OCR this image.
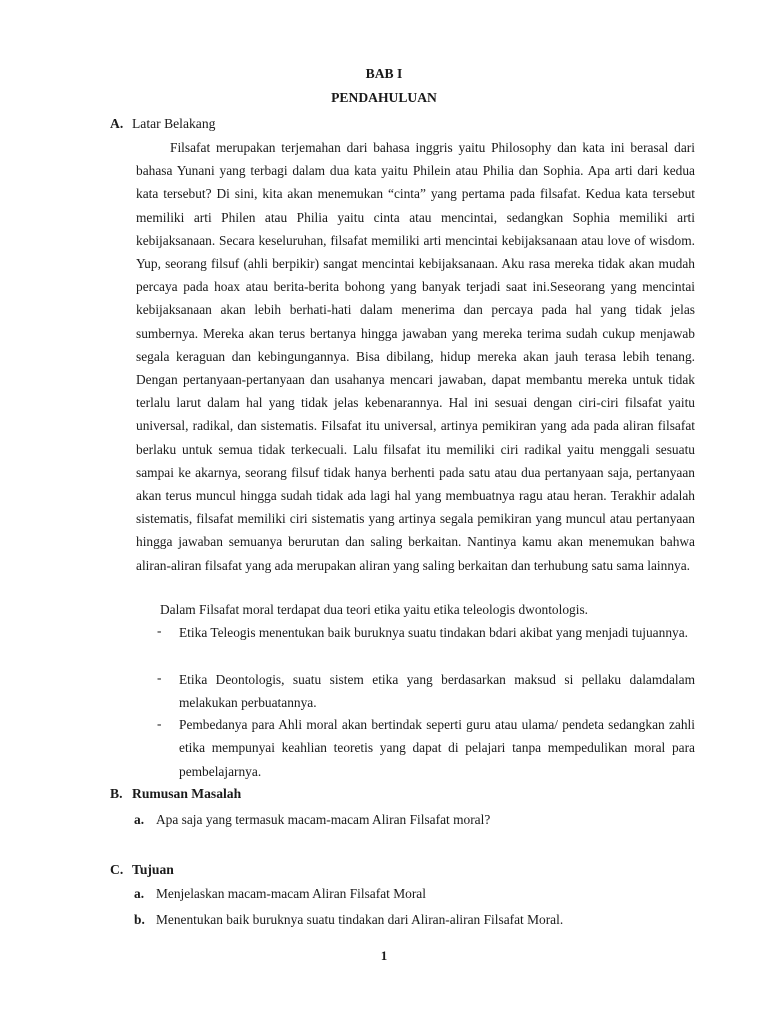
BAB I
PENDAHULUAN
A. Latar Belakang
Filsafat merupakan terjemahan dari bahasa inggris yaitu Philosophy dan kata ini berasal dari bahasa Yunani yang terbagi dalam dua kata yaitu Philein atau Philia dan Sophia. Apa arti dari kedua kata tersebut? Di sini, kita akan menemukan “cinta” yang pertama pada filsafat. Kedua kata tersebut memiliki arti Philen atau Philia yaitu cinta atau mencintai, sedangkan Sophia memiliki arti kebijaksanaan. Secara keseluruhan, filsafat memiliki arti mencintai kebijaksanaan atau love of wisdom. Yup, seorang filsuf (ahli berpikir) sangat mencintai kebijaksanaan. Aku rasa mereka tidak akan mudah percaya pada hoax atau berita-berita bohong yang banyak terjadi saat ini.Seseorang yang mencintai kebijaksanaan akan lebih berhati-hati dalam menerima dan percaya pada hal yang tidak jelas sumbernya. Mereka akan terus bertanya hingga jawaban yang mereka terima sudah cukup menjawab segala keraguan dan kebingungannya. Bisa dibilang, hidup mereka akan jauh terasa lebih tenang. Dengan pertanyaan-pertanyaan dan usahanya mencari jawaban, dapat membantu mereka untuk tidak terlalu larut dalam hal yang tidak jelas kebenarannya. Hal ini sesuai dengan ciri-ciri filsafat yaitu universal, radikal, dan sistematis. Filsafat itu universal, artinya pemikiran yang ada pada aliran filsafat berlaku untuk semua tidak terkecuali. Lalu filsafat itu memiliki ciri radikal yaitu menggali sesuatu sampai ke akarnya, seorang filsuf tidak hanya berhenti pada satu atau dua pertanyaan saja, pertanyaan akan terus muncul hingga sudah tidak ada lagi hal yang membuatnya ragu atau heran. Terakhir adalah sistematis, filsafat memiliki ciri sistematis yang artinya segala pemikiran yang muncul atau pertanyaan hingga jawaban semuanya berurutan dan saling berkaitan. Nantinya kamu akan menemukan bahwa aliran-aliran filsafat yang ada merupakan aliran yang saling berkaitan dan terhubung satu sama lainnya.
Dalam Filsafat moral terdapat dua teori etika yaitu etika teleologis dwontologis.
- Etika Teleogis menentukan baik buruknya suatu tindakan bdari akibat yang menjadi tujuannya.
- Etika Deontologis, suatu sistem etika yang berdasarkan maksud si pellaku dalamdalam melakukan perbuatannya.
- Pembedanya para Ahli moral akan bertindak seperti guru atau ulama/ pendeta sedangkan zahli etika mempunyai keahlian teoretis yang dapat di pelajari tanpa mempedulikan moral para pembelajarnya.
B. Rumusan Masalah
a. Apa saja yang termasuk macam-macam Aliran Filsafat moral?
C. Tujuan
a. Menjelaskan macam-macam Aliran Filsafat Moral
b. Menentukan baik buruknya suatu tindakan dari Aliran-aliran Filsafat Moral.
1
